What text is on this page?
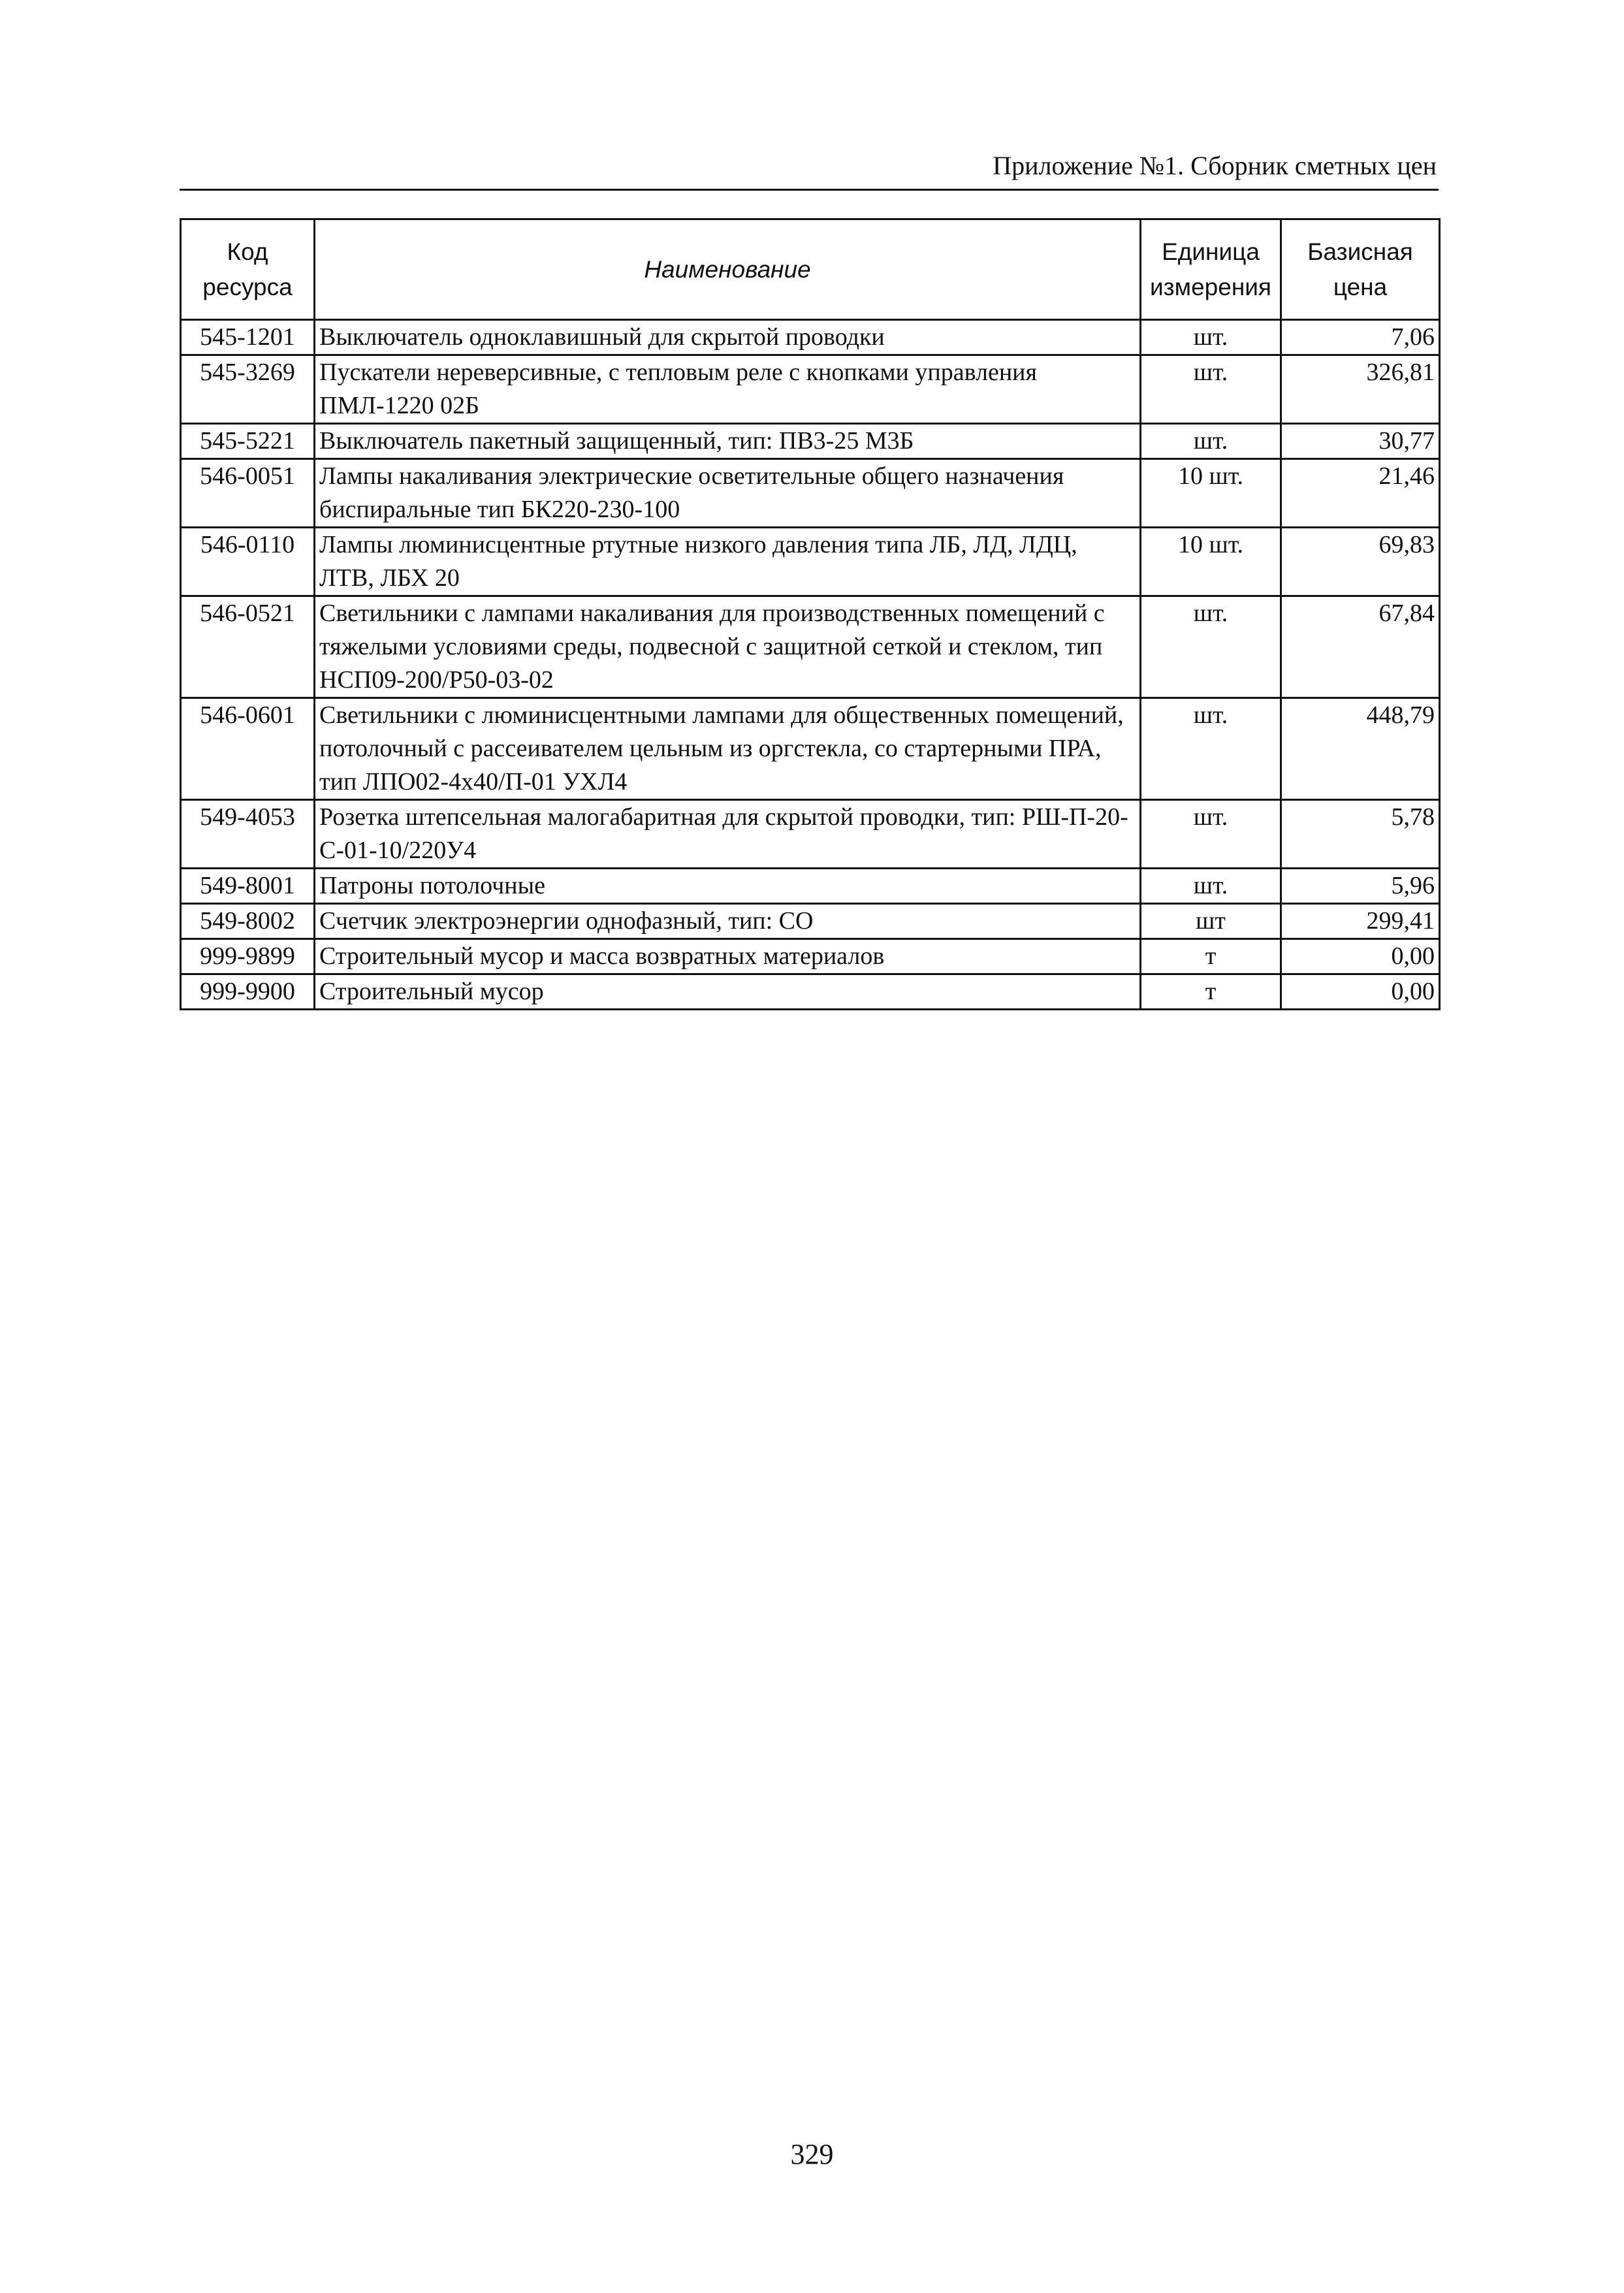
Приложение №1. Сборник сметных цен
Код ресурса	Наименование	Единица измерения	Базисная цена
545-1201	Выключатель одноклавишный для скрытой проводки	шт.	7,06
545-3269	Пускатели нереверсивные, с тепловым реле с кнопками управления ПМЛ-1220 02Б	шт.	326,81
545-5221	Выключатель пакетный защищенный, тип: ПВ3-25 М3Б	шт.	30,77
546-0051	Лампы накаливания электрические осветительные общего назначения биспиральные тип БК220-230-100	10 шт.	21,46
546-0110	Лампы люминисцентные ртутные низкого давления типа ЛБ, ЛД, ЛДЦ, ЛТВ, ЛБХ 20	10 шт.	69,83
546-0521	Светильники с лампами накаливания для производственных помещений с тяжелыми условиями среды, подвесной с защитной сеткой и стеклом, тип НСП09-200/Р50-03-02	шт.	67,84
546-0601	Светильники с люминисцентными лампами для общественных помещений, потолочный с рассеивателем цельным из оргстекла, со стартерными ПРА, тип ЛПО02-4х40/П-01 УХЛ4	шт.	448,79
549-4053	Розетка штепсельная малогабаритная для скрытой проводки, тип: РШ-П-20-С-01-10/220У4	шт.	5,78
549-8001	Патроны потолочные	шт.	5,96
549-8002	Счетчик электроэнергии однофазный, тип: СО	шт	299,41
999-9899	Строительный мусор и масса возвратных материалов	т	0,00
999-9900	Строительный мусор	т	0,00
329
